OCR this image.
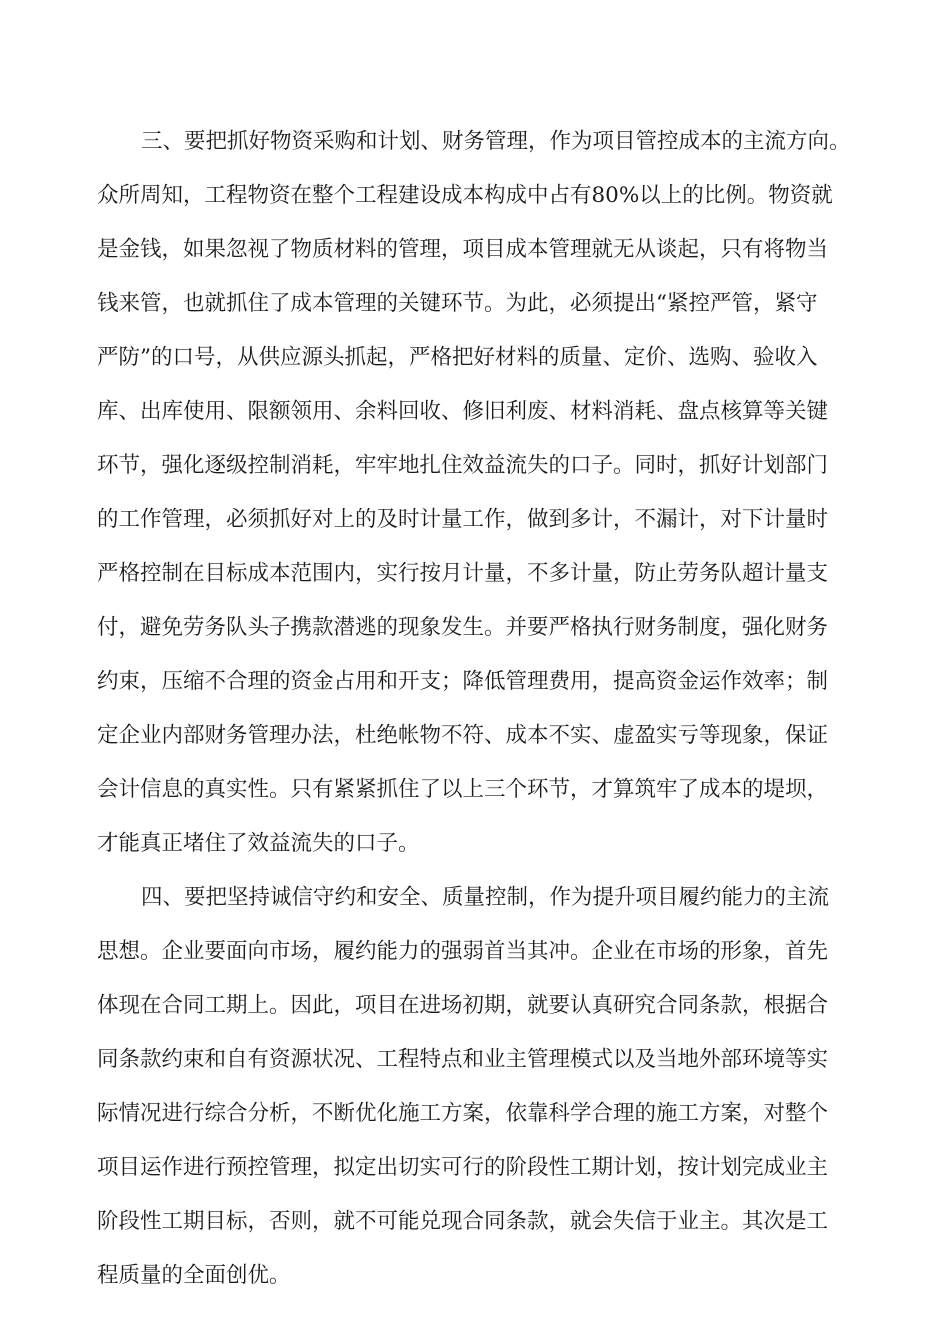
三、要把抓好物资采购和计划、财务管理，作为项目管控成本的主流方向。
众所周知，工程物资在整个工程建设成本构成中占有80%以上的比例。物资就
是金钱，如果忽视了物质材料的管理，项目成本管理就无从谈起，只有将物当
钱来管，也就抓住了成本管理的关键环节。为此，必须提出“紧控严管，紧守
严防”的口号，从供应源头抓起，严格把好材料的质量、定价、选购、验收入
库、出库使用、限额领用、余料回收、修旧利废、材料消耗、盘点核算等关键
环节，强化逐级控制消耗，牢牢地扎住效益流失的口子。同时，抓好计划部门
的工作管理，必须抓好对上的及时计量工作，做到多计，不漏计，对下计量时
严格控制在目标成本范围内，实行按月计量，不多计量，防止劳务队超计量支
付，避免劳务队头子携款潜逃的现象发生。并要严格执行财务制度，强化财务
约束，压缩不合理的资金占用和开支；降低管理费用，提高资金运作效率；制
定企业内部财务管理办法，杜绝帐物不符、成本不实、虚盈实亏等现象，保证
会计信息的真实性。只有紧紧抓住了以上三个环节，才算筑牢了成本的堤坝，
才能真正堵住了效益流失的口子。
四、要把坚持诚信守约和安全、质量控制，作为提升项目履约能力的主流
思想。企业要面向市场，履约能力的强弱首当其冲。企业在市场的形象，首先
体现在合同工期上。因此，项目在进场初期，就要认真研究合同条款，根据合
同条款约束和自有资源状况、工程特点和业主管理模式以及当地外部环境等实
际情况进行综合分析，不断优化施工方案，依靠科学合理的施工方案，对整个
项目运作进行预控管理，拟定出切实可行的阶段性工期计划，按计划完成业主
阶段性工期目标，否则，就不可能兑现合同条款，就会失信于业主。其次是工
程质量的全面创优。
